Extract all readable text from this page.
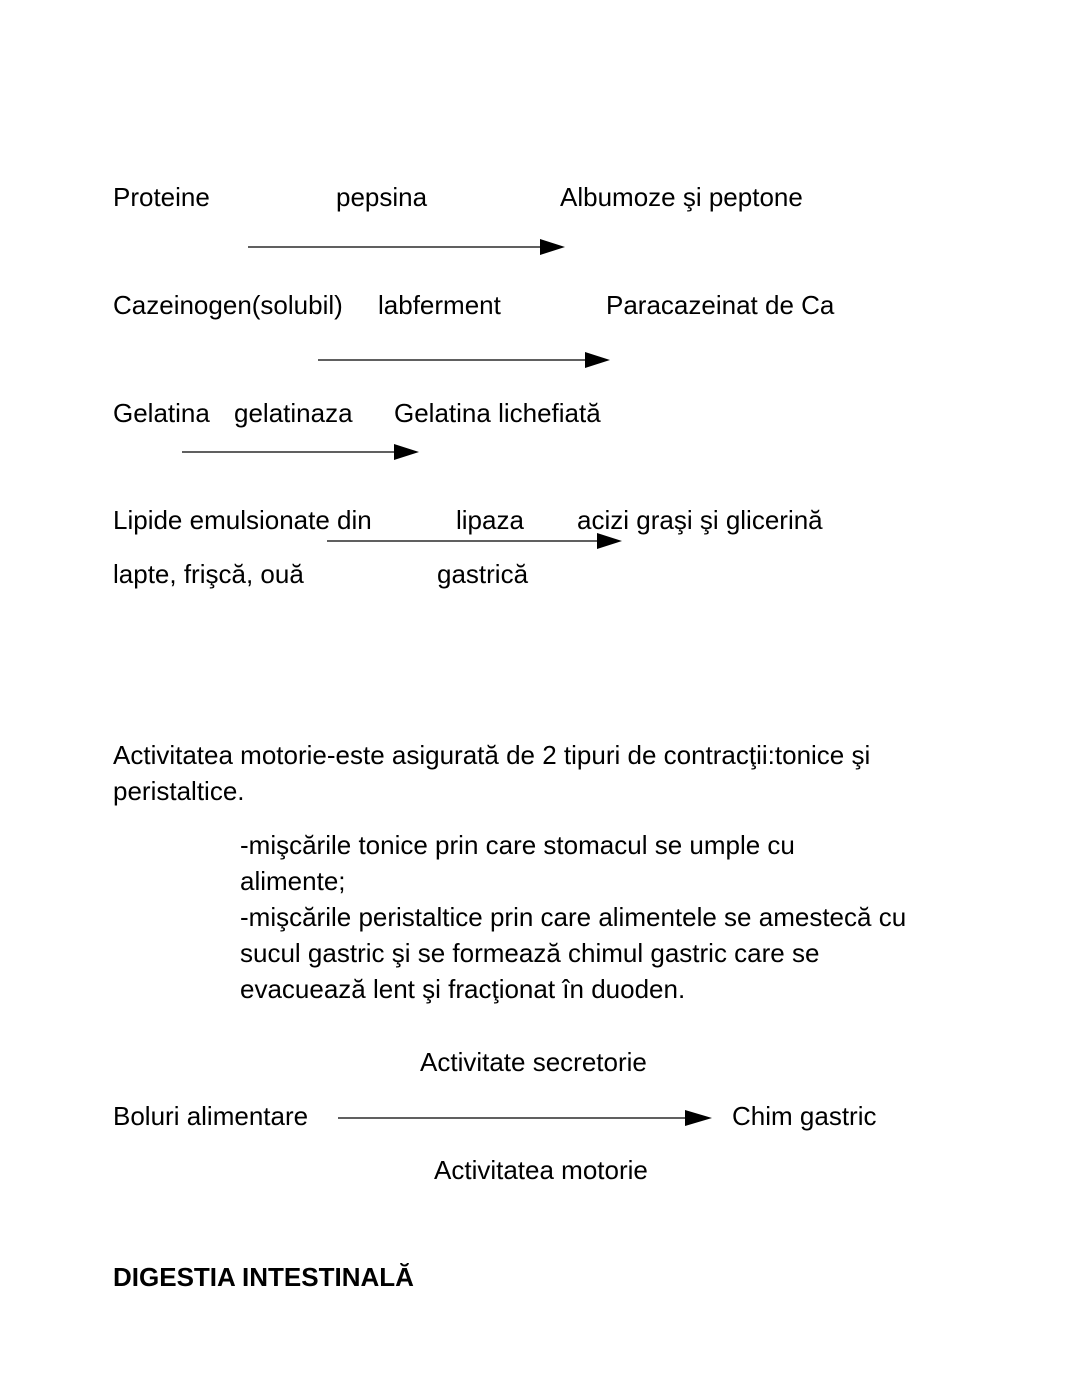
Proteine	pepsina	Albumoze şi peptone
Cazeinogen(solubil) labferment	Paracazeinat de Ca
Gelatina gelatinaza Gelatina lichefiată
Lipide emulsionate din	lipaza acizi graşi şi glicerină
lapte, frişcă, ouă	gastrică
Activitatea motorie-este asigurată de 2 tipuri de contracţii:tonice şi
peristaltice.
-mişcările tonice prin care stomacul se umple cu
alimente;
-mişcările peristaltice prin care alimentele se amestecă cu
sucul gastric şi se formează chimul gastric care se
evacuează lent şi fracţionat în duoden.
Activitate secretorie
Boluri alimentare	Chim gastric
Activitatea motorie
DIGESTIA INTESTINALĂ
